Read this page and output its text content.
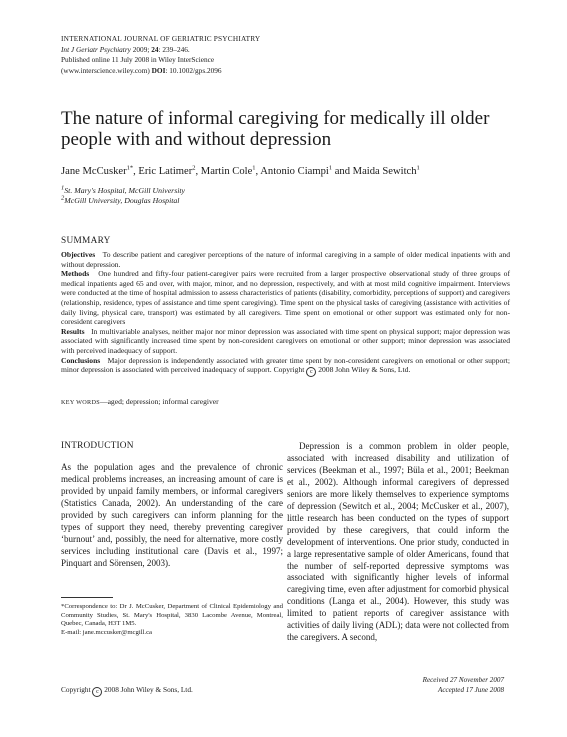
INTERNATIONAL JOURNAL OF GERIATRIC PSYCHIATRY
Int J Geriatr Psychiatry 2009; 24: 239–246.
Published online 11 July 2008 in Wiley InterScience
(www.interscience.wiley.com) DOI: 10.1002/gps.2096
The nature of informal caregiving for medically ill older people with and without depression
Jane McCusker$^{1*}$, Eric Latimer$^2$, Martin Cole$^1$, Antonio Ciampi$^1$ and Maida Sewitch$^1$
$^1$St. Mary's Hospital, McGill University
$^2$McGill University, Douglas Hospital
SUMMARY

Objectives To describe patient and caregiver perceptions of the nature of informal caregiving in a sample of older medical inpatients with and without depression.

Methods One hundred and fifty-four patient-caregiver pairs were recruited from a larger prospective observational study of three groups of medical inpatients aged 65 and over, with major, minor, and no depression, respectively, and with at most mild cognitive impairment. Interviews were conducted at the time of hospital admission to assess characteristics of patients (disability, comorbidity, perceptions of support) and caregivers (relationship, residence, types of assistance and time spent caregiving). Time spent on the physical tasks of caregiving (assistance with activities of daily living, physical care, transport) was estimated by all caregivers. Time spent on emotional or other support was estimated only for non-coresident caregivers

Results In multivariable analyses, neither major nor minor depression was associated with time spent on physical support; major depression was associated with significantly increased time spent by non-coresident caregivers on emotional or other support; minor depression was associated with perceived inadequacy of support.

Conclusions Major depression is independently associated with greater time spent by non-coresident caregivers on emotional or other support; minor depression is associated with perceived inadequacy of support. Copyright c 2008 John Wiley & Sons, Ltd.

KEY WORDS—aged; depression; informal caregiver
INTRODUCTION

As the population ages and the prevalence of chronic medical problems increases, an increasing amount of care is provided by unpaid family members, or informal caregivers (Statistics Canada, 2002). An understanding of the care provided by such caregivers can inform planning for the types of support they need, thereby preventing caregiver ‘burnout’ and, possibly, the need for alternative, more costly services including institutional care (Davis et al., 1997; Pinquart and Sörensen, 2003).

*Correspondence to: Dr J. McCusker, Department of Clinical Epidemiology and Community Studies, St. Mary's Hospital, 3830 Lacombe Avenue, Montreal, Quebec, Canada, H3T 1M5.
E-mail: jane.mccusker@mcgill.ca
Copyright c 2008 John Wiley & Sons, Ltd.

Depression is a common problem in older people, associated with increased disability and utilization of services (Beekman et al., 1997; Büla et al., 2001; Beekman et al., 2002). Although informal caregivers of depressed seniors are more likely themselves to experience symptoms of depression (Sewitch et al., 2004; McCusker et al., 2007), little research has been conducted on the types of support provided by these caregivers, that could inform the development of interventions. One prior study, conducted in a large representative sample of older Americans, found that the number of self-reported depressive symptoms was associated with significantly higher levels of informal caregiving time, even after adjustment for comorbid physical conditions (Langa et al., 2004). However, this study was limited to patient reports of caregiver assistance with activities of daily living (ADL); data were not collected from the caregivers. A second,

Received 27 November 2007
Accepted 17 June 2008
